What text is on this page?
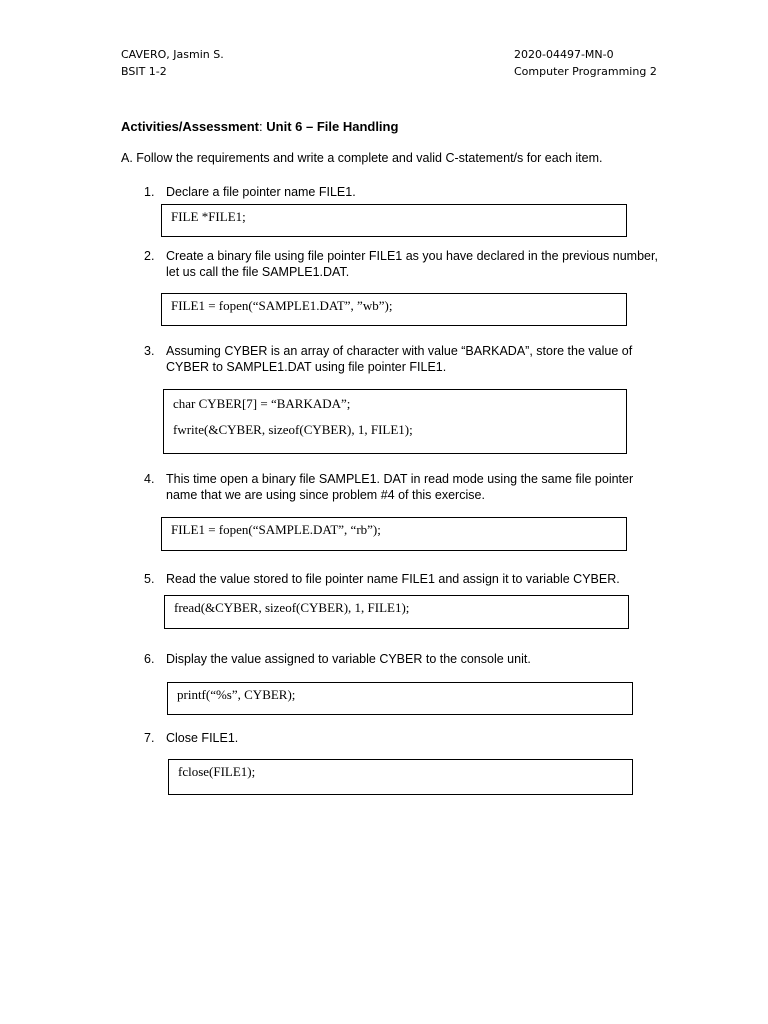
CAVERO, Jasmin S.
BSIT 1-2
2020-04497-MN-0
Computer Programming 2
Activities/Assessment: Unit 6 – File Handling
A. Follow the requirements and write a complete and valid C-statement/s for each item.
1. Declare a file pointer name FILE1.
FILE *FILE1;
2. Create a binary file using file pointer FILE1 as you have declared in the previous number,
let us call the file SAMPLE1.DAT.
FILE1 = fopen(“SAMPLE1.DAT”, ”wb”);
3. Assuming CYBER is an array of character with value “BARKADA”, store the value of
CYBER to SAMPLE1.DAT using file pointer FILE1.
char CYBER[7] = “BARKADA”;
fwrite(&CYBER, sizeof(CYBER), 1, FILE1);
4. This time open a binary file SAMPLE1. DAT in read mode using the same file pointer
name that we are using since problem #4 of this exercise.
FILE1 = fopen(“SAMPLE.DAT”, “rb”);
5. Read the value stored to file pointer name FILE1 and assign it to variable CYBER.
fread(&CYBER, sizeof(CYBER), 1, FILE1);
6. Display the value assigned to variable CYBER to the console unit.
printf(“%s”, CYBER);
7. Close FILE1.
fclose(FILE1);
